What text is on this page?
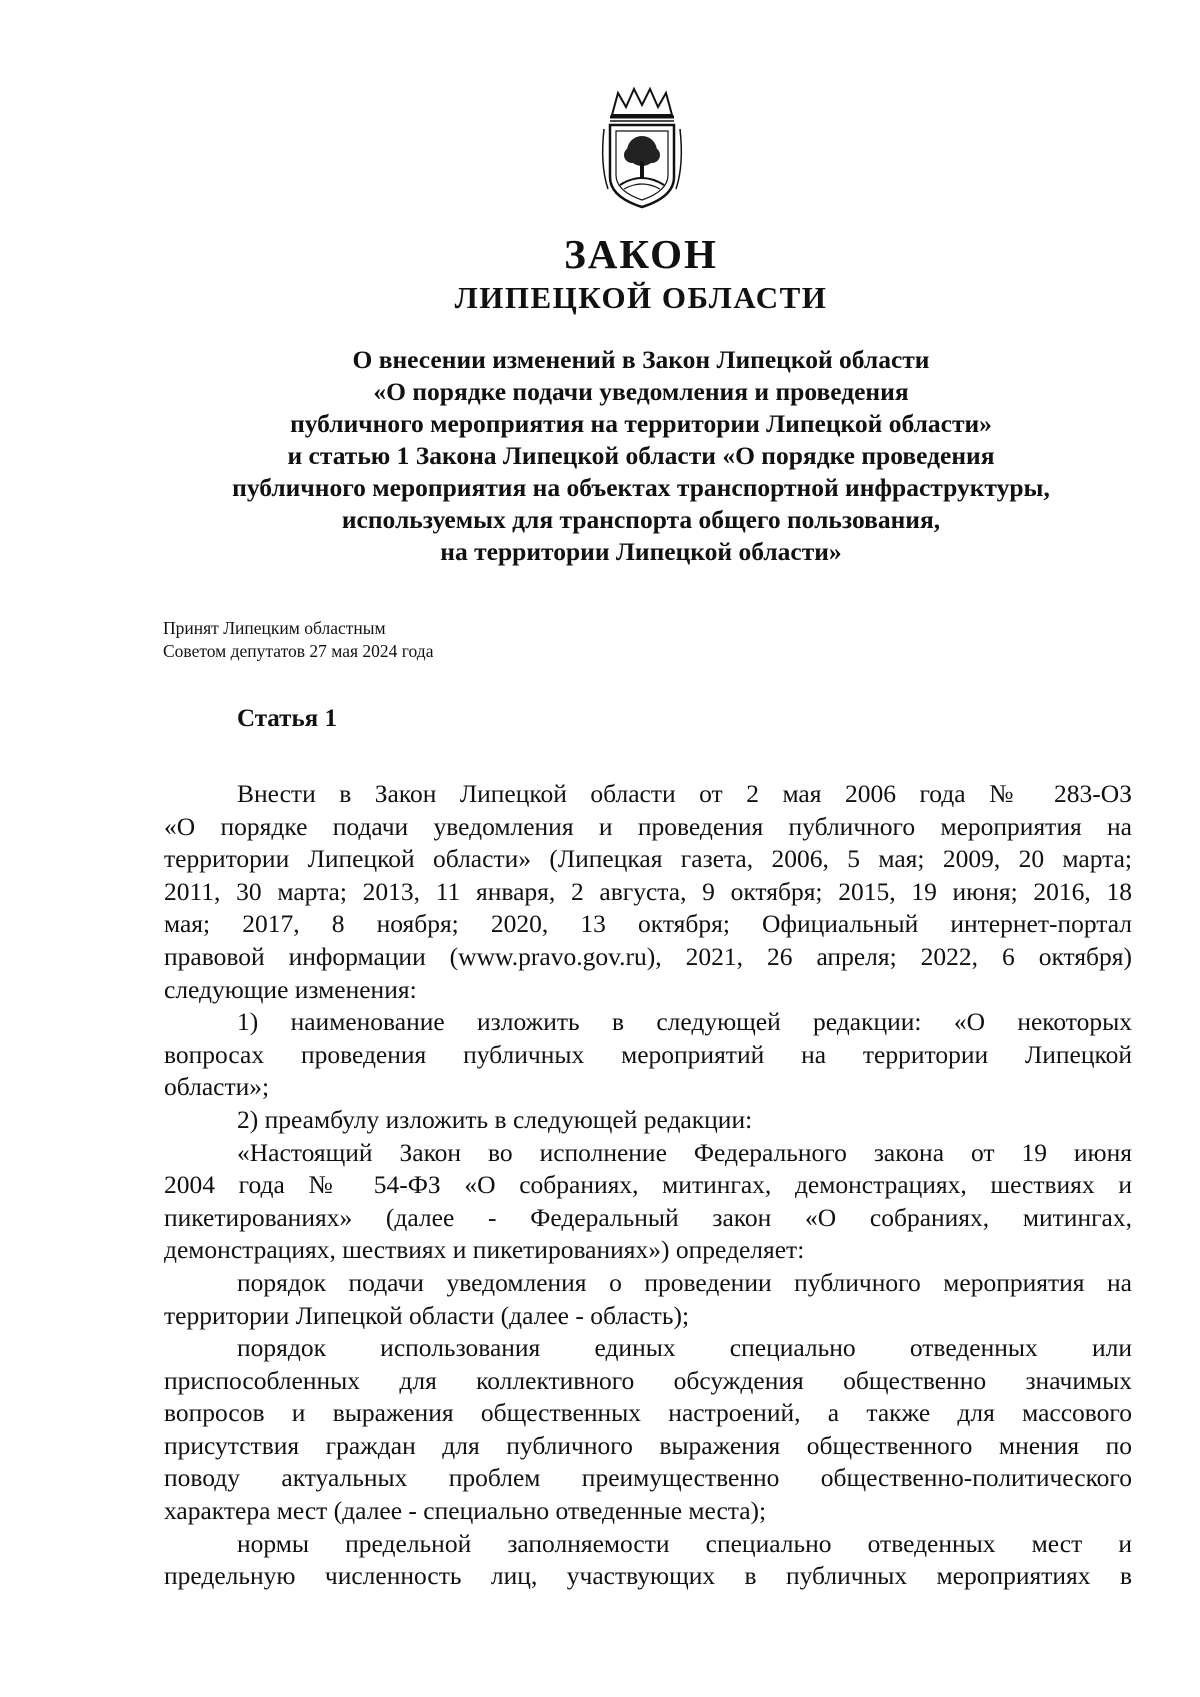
ЗАКОН
ЛИПЕЦКОЙ ОБЛАСТИ
О внесении изменений в Закон Липецкой области
«О порядке подачи уведомления и проведения
публичного мероприятия на территории Липецкой области»
и статью 1 Закона Липецкой области «О порядке проведения
публичного мероприятия на объектах транспортной инфраструктуры,
используемых для транспорта общего пользования,
на территории Липецкой области»
Принят Липецким областным
Советом депутатов 27 мая 2024 года
Статья 1
Внести в Закон Липецкой области от 2 мая 2006 года № 283-ОЗ
«О порядке подачи уведомления и проведения публичного мероприятия на
территории Липецкой области» (Липецкая газета, 2006, 5 мая; 2009, 20 марта;
2011, 30 марта; 2013, 11 января, 2 августа, 9 октября; 2015, 19 июня; 2016, 18
мая; 2017, 8 ноября; 2020, 13 октября; Официальный интернет-портал
правовой информации (www.pravo.gov.ru), 2021, 26 апреля; 2022, 6 октября)
следующие изменения:
1) наименование изложить в следующей редакции: «О некоторых
вопросах проведения публичных мероприятий на территории Липецкой
области»;
2) преамбулу изложить в следующей редакции:
«Настоящий Закон во исполнение Федерального закона от 19 июня
2004 года № 54-ФЗ «О собраниях, митингах, демонстрациях, шествиях и
пикетированиях» (далее - Федеральный закон «О собраниях, митингах,
демонстрациях, шествиях и пикетированиях») определяет:
порядок подачи уведомления о проведении публичного мероприятия на
территории Липецкой области (далее - область);
порядок использования единых специально отведенных или
приспособленных для коллективного обсуждения общественно значимых
вопросов и выражения общественных настроений, а также для массового
присутствия граждан для публичного выражения общественного мнения по
поводу актуальных проблем преимущественно общественно-политического
характера мест (далее - специально отведенные места);
нормы предельной заполняемости специально отведенных мест и
предельную численность лиц, участвующих в публичных мероприятиях в
